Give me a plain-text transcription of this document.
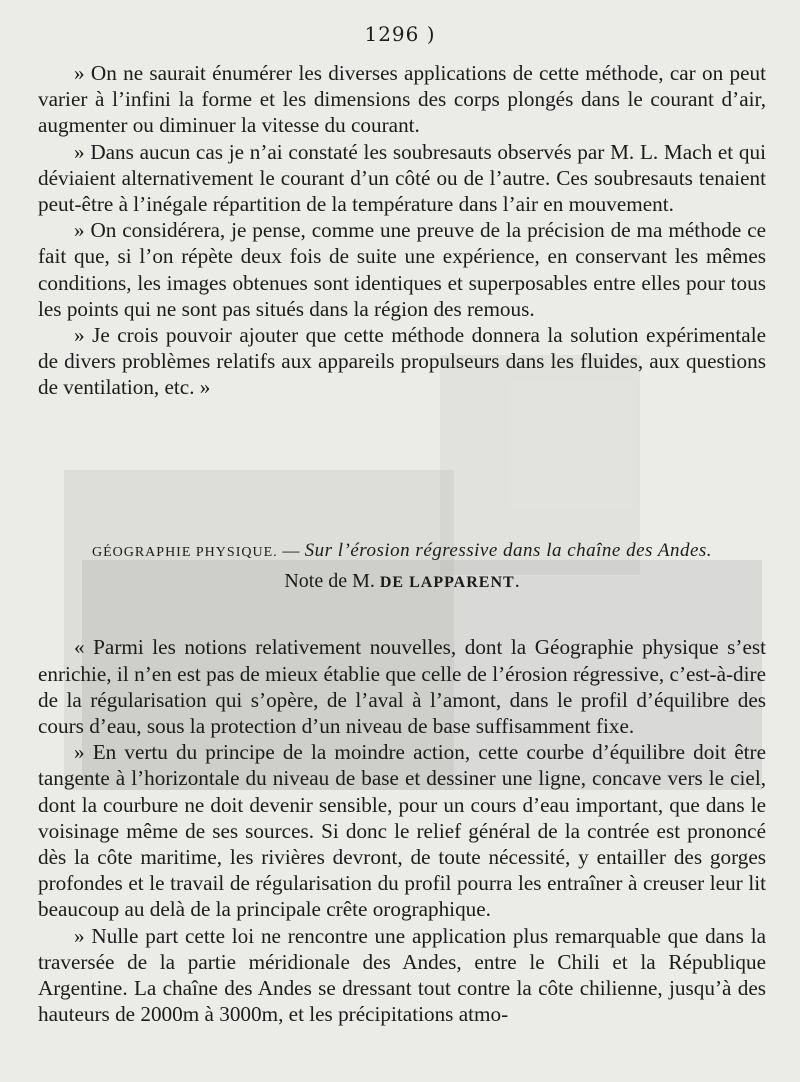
1296 )

» On ne saurait énumérer les diverses applications de cette méthode, car on peut varier à l’infini la forme et les dimensions des corps plongés dans le courant d’air, augmenter ou diminuer la vitesse du courant.

» Dans aucun cas je n’ai constaté les soubresauts observés par M. L. Mach et qui déviaient alternativement le courant d’un côté ou de l’autre. Ces soubresauts tenaient peut-être à l’inégale répartition de la température dans l’air en mouvement.

» On considérera, je pense, comme une preuve de la précision de ma méthode ce fait que, si l’on répète deux fois de suite une expérience, en conservant les mêmes conditions, les images obtenues sont identiques et superposables entre elles pour tous les points qui ne sont pas situés dans la région des remous.

» Je crois pouvoir ajouter que cette méthode donnera la solution expérimentale de divers problèmes relatifs aux appareils propulseurs dans les fluides, aux questions de ventilation, etc. »

GÉOGRAPHIE PHYSIQUE. — Sur l’érosion régressive dans la chaîne des Andes.
Note de M. DE LAPPARENT.

« Parmi les notions relativement nouvelles, dont la Géographie physique s’est enrichie, il n’en est pas de mieux établie que celle de l’érosion régressive, c’est-à-dire de la régularisation qui s’opère, de l’aval à l’amont, dans le profil d’équilibre des cours d’eau, sous la protection d’un niveau de base suffisamment fixe.

» En vertu du principe de la moindre action, cette courbe d’équilibre doit être tangente à l’horizontale du niveau de base et dessiner une ligne, concave vers le ciel, dont la courbure ne doit devenir sensible, pour un cours d’eau important, que dans le voisinage même de ses sources. Si donc le relief général de la contrée est prononcé dès la côte maritime, les rivières devront, de toute nécessité, y entailler des gorges profondes et le travail de régularisation du profil pourra les entraîner à creuser leur lit beaucoup au delà de la principale crête orographique.

» Nulle part cette loi ne rencontre une application plus remarquable que dans la traversée de la partie méridionale des Andes, entre le Chili et la République Argentine. La chaîne des Andes se dressant tout contre la côte chilienne, jusqu’à des hauteurs de 2000m à 3000m, et les précipitations atmo-
